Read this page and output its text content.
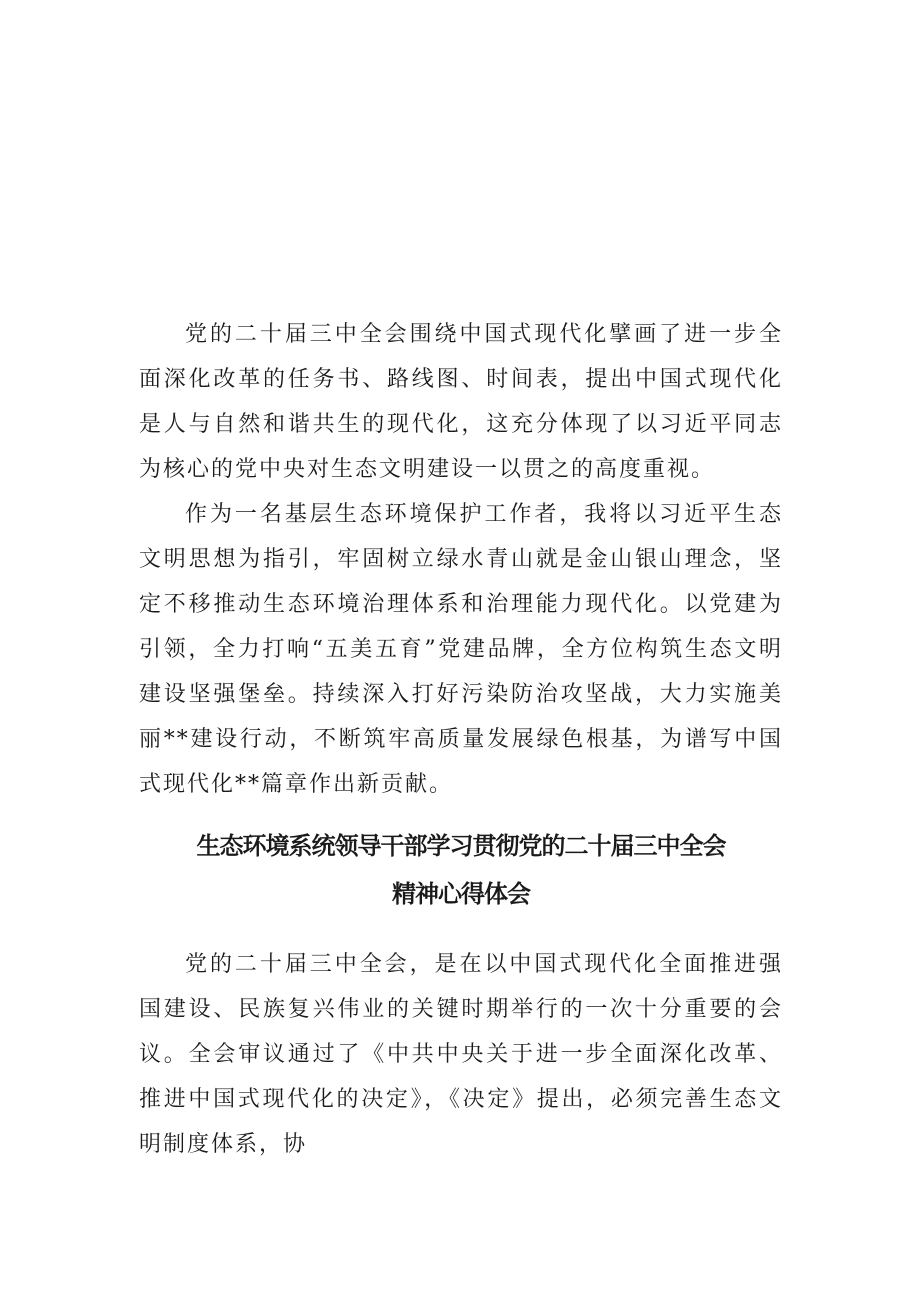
党的二十届三中全会围绕中国式现代化擘画了进一步全面深化改革的任务书、路线图、时间表，提出中国式现代化是人与自然和谐共生的现代化，这充分体现了以习近平同志为核心的党中央对生态文明建设一以贯之的高度重视。

作为一名基层生态环境保护工作者，我将以习近平生态文明思想为指引，牢固树立绿水青山就是金山银山理念，坚定不移推动生态环境治理体系和治理能力现代化。以党建为引领，全力打响“五美五育”党建品牌，全方位构筑生态文明建设坚强堡垒。持续深入打好污染防治攻坚战，大力实施美丽**建设行动，不断筑牢高质量发展绿色根基，为谱写中国式现代化**篇章作出新贡献。

生态环境系统领导干部学习贯彻党的二十届三中全会
精神心得体会

党的二十届三中全会，是在以中国式现代化全面推进强国建设、民族复兴伟业的关键时期举行的一次十分重要的会议。全会审议通过了《中共中央关于进一步全面深化改革、推进中国式现代化的决定》，《决定》提出，必须完善生态文明制度体系，协
